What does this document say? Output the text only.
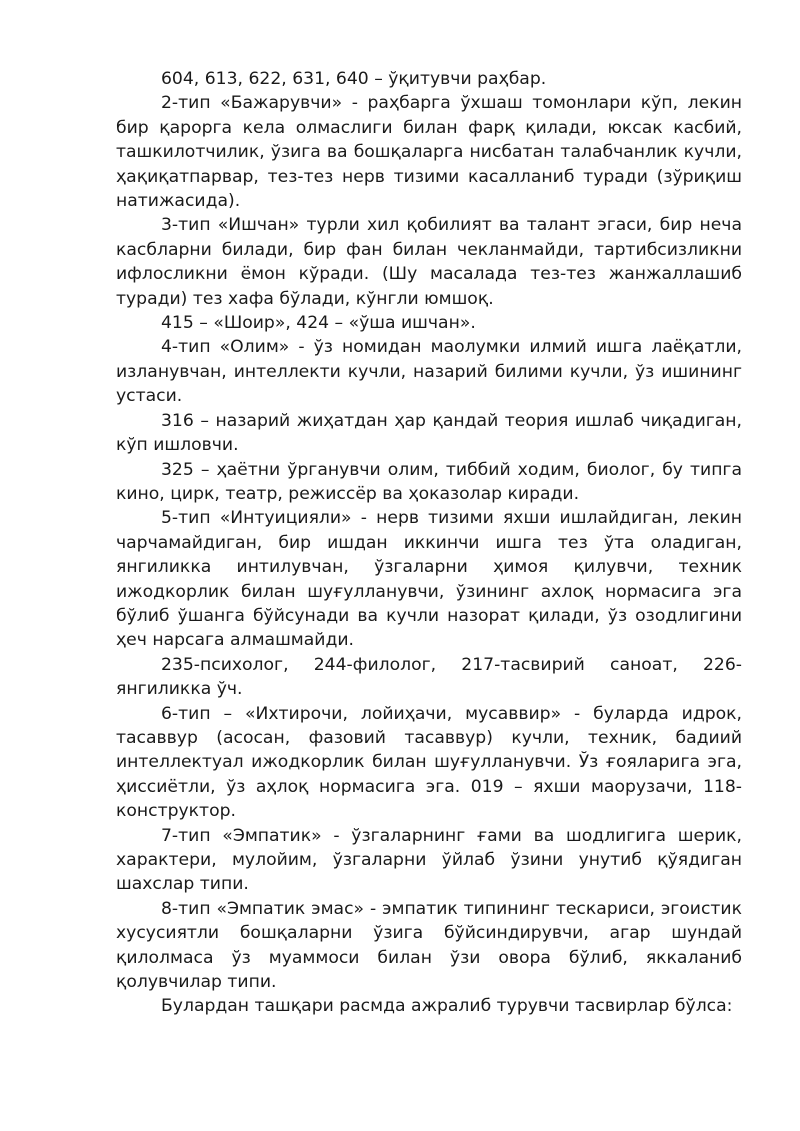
604, 613, 622, 631, 640 – ўқитувчи раҳбар.

2-тип «Бажарувчи» - раҳбарга ўхшаш томонлари кўп, лекин бир қарорга кела олмаслиги билан фарқ қилади, юксак касбий, ташкилотчилик, ўзига ва бошқаларга нисбатан талабчанлик кучли, ҳақиқатпарвар, тез-тез нерв тизими касалланиб туради (зўриқиш натижасида).

3-тип «Ишчан» турли хил қобилият ва талант эгаси, бир неча касбларни билади, бир фан билан чекланмайди, тартибсизликни ифлосликни ёмон кўради. (Шу масалада тез-тез жанжаллашиб туради) тез хафа бўлади, кўнгли юмшоқ.

415 – «Шоир», 424 – «ўша ишчан».

4-тип «Олим» - ўз номидан маолумки илмий ишга лаёқатли, изланувчан, интеллекти кучли, назарий билими кучли, ўз ишининг устаси.

316 – назарий жиҳатдан ҳар қандай теория ишлаб чиқадиган, кўп ишловчи.

325 – ҳаётни ўрганувчи олим, тиббий ходим, биолог, бу типга кино, цирк, театр, режиссёр ва ҳоказолар киради.

5-тип «Интуицияли» - нерв тизими яхши ишлайдиган, лекин чарчамайдиган, бир ишдан иккинчи ишга тез ўта оладиган, янгиликка интилувчан, ўзгаларни ҳимоя қилувчи, техник ижодкорлик билан шуғулланувчи, ўзининг ахлоқ нормасига эга бўлиб ўшанга бўйсунади ва кучли назорат қилади, ўз озодлигини ҳеч нарсага алмашмайди.

235-психолог, 244-филолог, 217-тасвирий саноат, 226-янгиликка ўч.

6-тип – «Ихтирочи, лойиҳачи, мусаввир» - буларда идрок, тасаввур (асосан, фазовий тасаввур) кучли, техник, бадиий интеллектуал ижодкорлик билан шуғулланувчи. Ўз ғояларига эга, ҳиссиётли, ўз аҳлоқ нормасига эга. 019 – яхши маорузачи, 118-конструктор.

7-тип «Эмпатик» - ўзгаларнинг ғами ва шодлигига шерик, характери, мулойим, ўзгаларни ўйлаб ўзини унутиб қўядиган шахслар типи.

8-тип «Эмпатик эмас» - эмпатик типининг тескариси, эгоистик хусусиятли бошқаларни ўзига бўйсиндирувчи, агар шундай қилолмаса ўз муаммоси билан ўзи овора бўлиб, яккаланиб қолувчилар типи.

Булардан ташқари расмда ажралиб турувчи тасвирлар бўлса:
